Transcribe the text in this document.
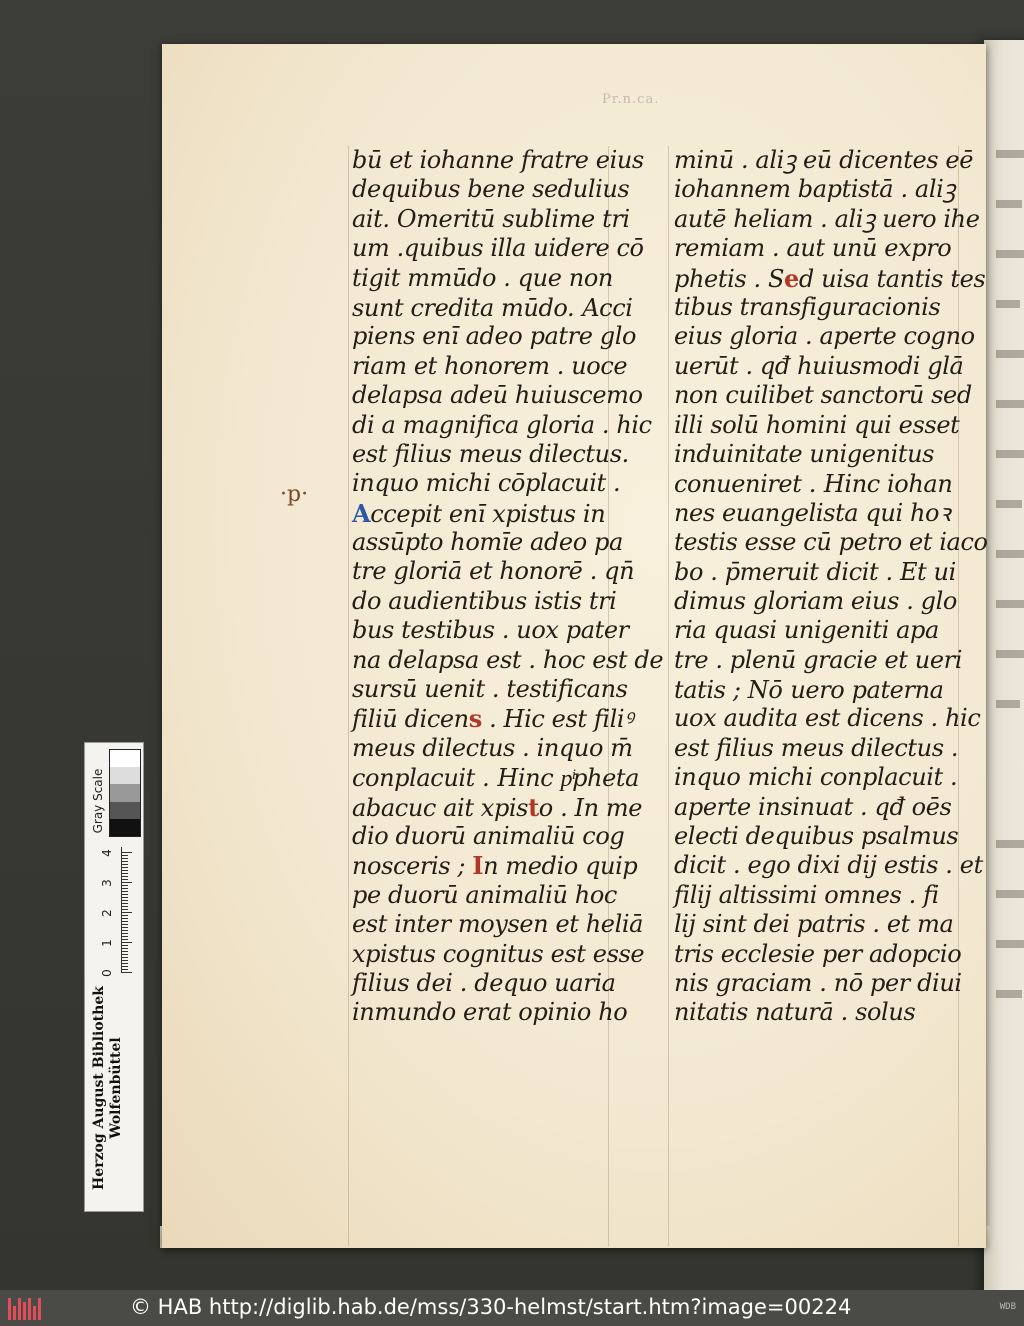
Pr.n.ca.
·p·
bū et iohanne fratre eius
dequibus bene sedulius
ait. Omeritū sublime tri
um .quibus illa uidere cō
tigit mmūdo . que non
sunt credita mūdo. Acci
piens enī adeo patre glo
riam et honorem . uoce
delapsa adeū huiuscemo
di a magnifica gloria . hic
est filius meus dilectus.
inquo michi cōplacuit .
Accepit enī xpistus in
assūpto homīe adeo pa
tre gloriā et honorē . qn̄
do audientibus istis tri
bus testibus . uox pater
na delapsa est . hoc est de
sursū uenit . testificans
filiū dicens . Hic est filiꝰ
meus dilectus . inquo m̄
conplacuit . Hinc pͥpheta
abacuc ait xpisto . In me
dio duorū animaliū cog
nosceris ; In medio quip
pe duorū animaliū hoc
est inter moysen et heliā
xpistus cognitus est esse
filius dei . dequo uaria
inmundo erat opinio ho
minū . aliꝫ eū dicentes eē
iohannem baptistā . aliꝫ
autē heliam . aliꝫ uero ihe
remiam . aut unū expro
phetis . Sed uisa tantis tes
tibus transfiguracionis
eius gloria . aperte cogno
uerūt . qđ huiusmodi glā
non cuilibet sanctorū sed
illi solū homini qui esset
induinitate unigenitus
conueniret . Hinc iohan
nes euangelista qui hoꝛ
testis esse cū petro et iaco
bo . p̄meruit dicit . Et ui
dimus gloriam eius . glo
ria quasi unigeniti apa
tre . plenū gracie et ueri
tatis ; Nō uero paterna
uox audita est dicens . hic
est filius meus dilectus .
inquo michi conplacuit .
aperte insinuat . qđ oēs
electi dequibus psalmus
dicit . ego dixi dij estis . et
filij altissimi omnes . fi
lij sint dei patris . et ma
tris ecclesie per adopcio
nis graciam . nō per diui
nitatis naturā . solus
Herzog August Bibliothek Wolfenbüttel
0
1
2
3
4
Gray Scale
© HAB http://diglib.hab.de/mss/330-helmst/start.htm?image=00224	WDB
